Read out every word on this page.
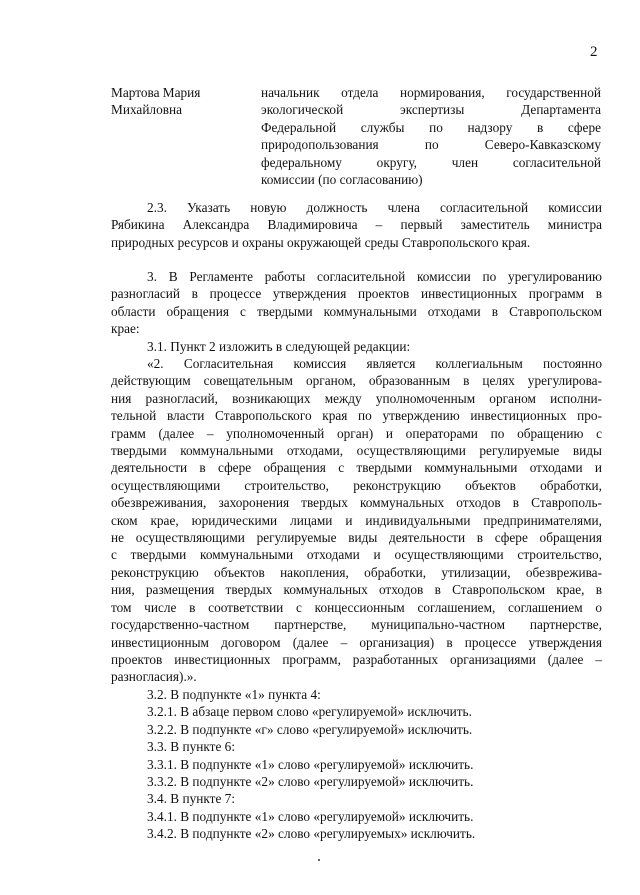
2
Мартова Мария
Михайловна
начальник отдела нормирования, государственной
экологической экспертизы Департамента
Федеральной службы по надзору в сфере
природопользования по Северо-Кавказскому
федеральному округу, член согласительной
комиссии (по согласованию)
2.3. Указать новую должность члена согласительной комиссии
Рябикина Александра Владимировича – первый заместитель министра
природных ресурсов и охраны окружающей среды Ставропольского края.
3. В Регламенте работы согласительной комиссии по урегулированию
разногласий в процессе утверждения проектов инвестиционных программ в
области обращения с твердыми коммунальными отходами в Ставропольском
крае:
3.1. Пункт 2 изложить в следующей редакции:
«2. Согласительная комиссия является коллегиальным постоянно
действующим совещательным органом, образованным в целях урегулирова-
ния разногласий, возникающих между уполномоченным органом исполни-
тельной власти Ставропольского края по утверждению инвестиционных про-
грамм (далее – уполномоченный орган) и операторами по обращению с
твердыми коммунальными отходами, осуществляющими регулируемые виды
деятельности в сфере обращения с твердыми коммунальными отходами и
осуществляющими строительство, реконструкцию объектов обработки,
обезвреживания, захоронения твердых коммунальных отходов в Ставрополь-
ском крае, юридическими лицами и индивидуальными предпринимателями,
не осуществляющими регулируемые виды деятельности в сфере обращения
с твердыми коммунальными отходами и осуществляющими строительство,
реконструкцию объектов накопления, обработки, утилизации, обезврежива-
ния, размещения твердых коммунальных отходов в Ставропольском крае, в
том числе в соответствии с концессионным соглашением, соглашением о
государственно-частном партнерстве, муниципально-частном партнерстве,
инвестиционным договором (далее – организация) в процессе утверждения
проектов инвестиционных программ, разработанных организациями (далее –
разногласия).».
3.2. В подпункте «1» пункта 4:
3.2.1. В абзаце первом слово «регулируемой» исключить.
3.2.2. В подпункте «г» слово «регулируемой» исключить.
3.3. В пункте 6:
3.3.1. В подпункте «1» слово «регулируемой» исключить.
3.3.2. В подпункте «2» слово «регулируемой» исключить.
3.4. В пункте 7:
3.4.1. В подпункте «1» слово «регулируемой» исключить.
3.4.2. В подпункте «2» слово «регулируемых» исключить.
